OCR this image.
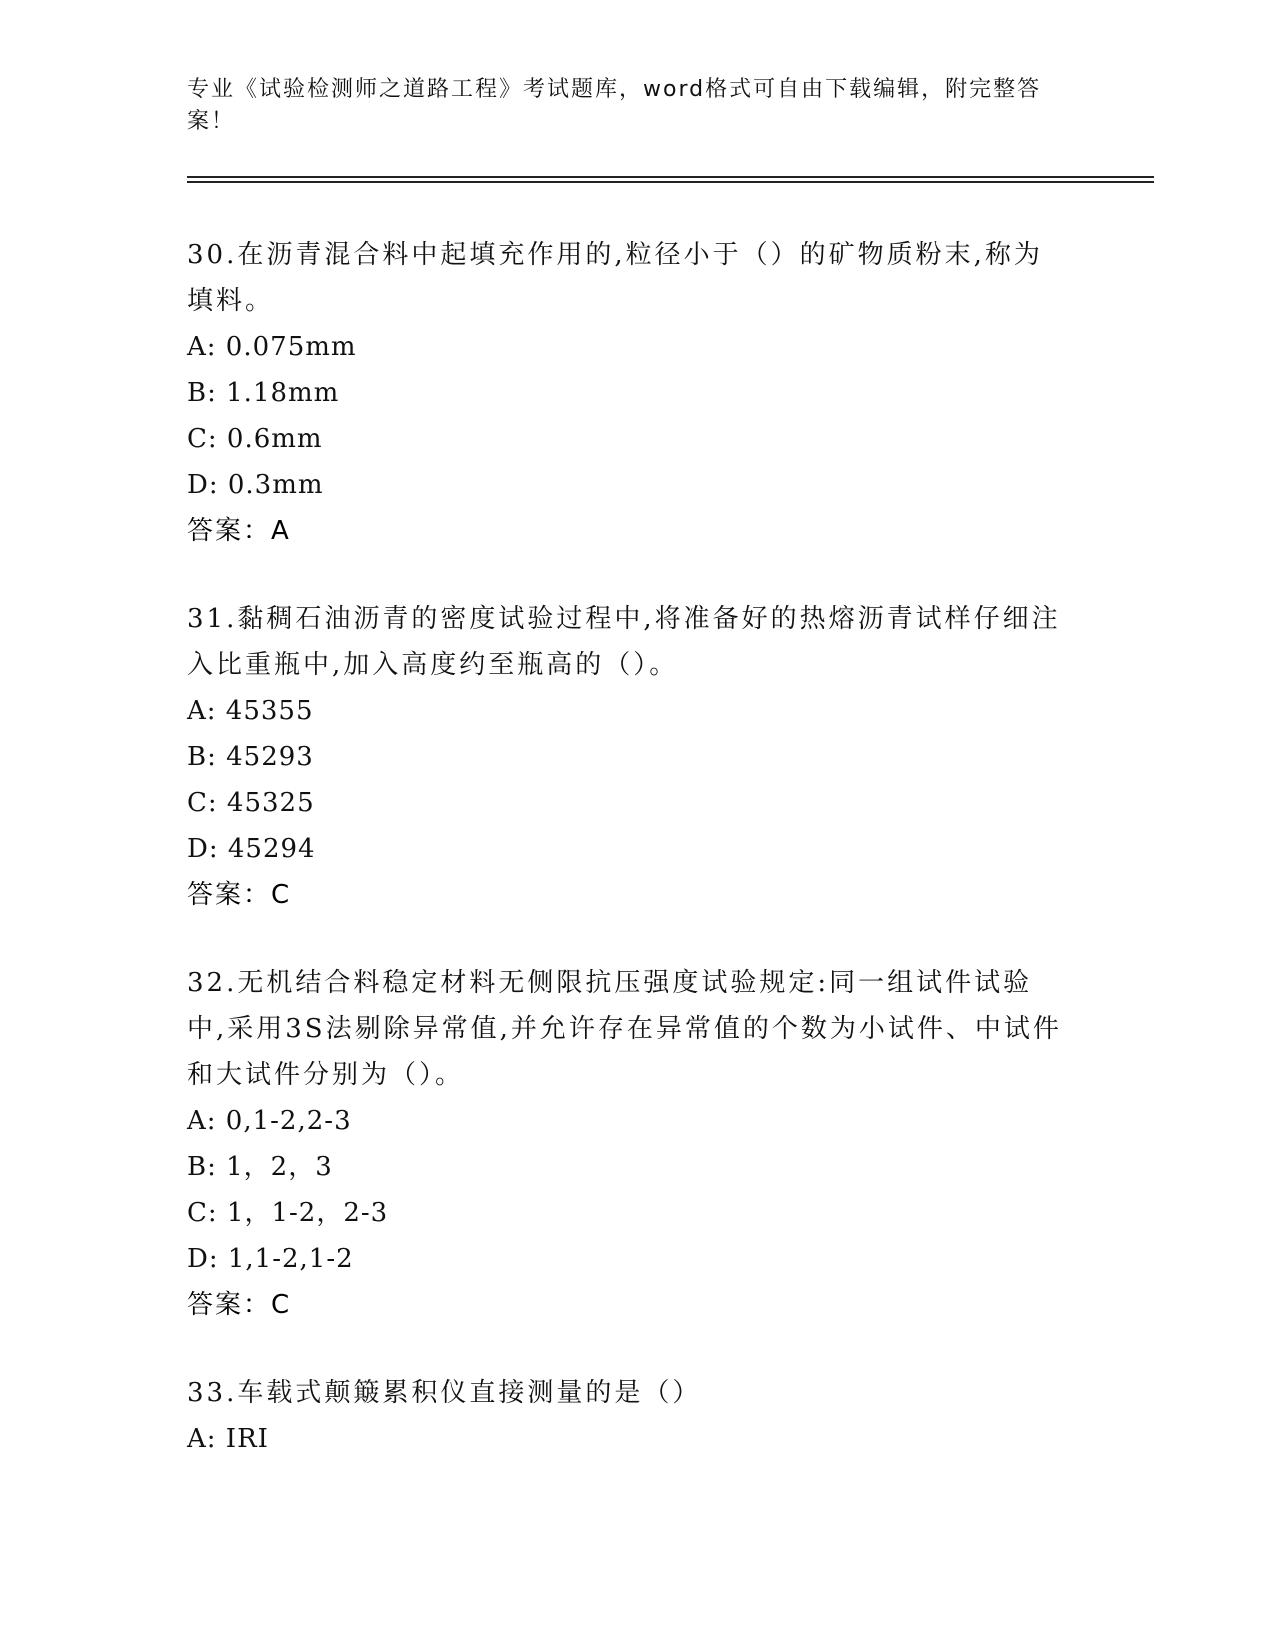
专业《试验检测师之道路工程》考试题库，word格式可自由下载编辑，附完整答案！

30.在沥青混合料中起填充作用的,粒径小于（）的矿物质粉末,称为填料。

A: 0.075mm

B: 1.18mm

C: 0.6mm

D: 0.3mm

答案：A

31.黏稠石油沥青的密度试验过程中,将准备好的热熔沥青试样仔细注入比重瓶中,加入高度约至瓶高的（）。

A: 45355

B: 45293

C: 45325

D: 45294

答案：C

32.无机结合料稳定材料无侧限抗压强度试验规定:同一组试件试验中,采用3S法剔除异常值,并允许存在异常值的个数为小试件、中试件和大试件分别为（）。

A: 0,1-2,2-3

B: 1，2，3

C: 1，1-2，2-3

D: 1,1-2,1-2

答案：C

33.车载式颠簸累积仪直接测量的是（）

A: IRI
